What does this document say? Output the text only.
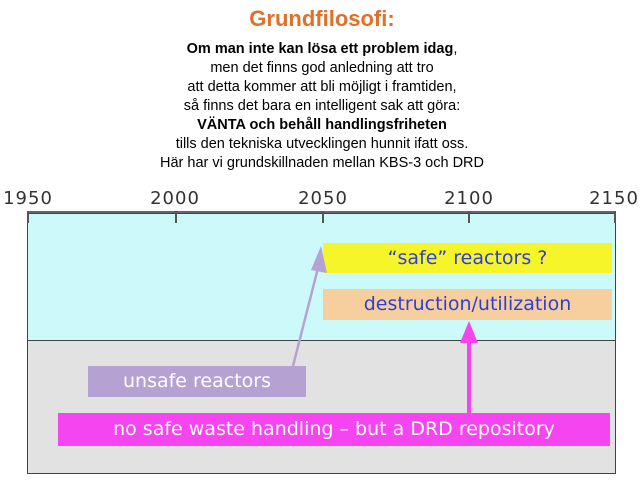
Grundfilosofi:
Om man inte kan lösa ett problem idag,
men det finns god anledning att tro
att detta kommer att bli möjligt i framtiden,
så finns det bara en intelligent sak att göra:
VÄNTA och behåll handlingsfriheten
tills den tekniska utvecklingen hunnit ifatt oss.
Här har vi grundskillnaden mellan KBS-3 och DRD
1950	2000	2050	2100	2150
“safe” reactors ?
destruction/utilization
unsafe reactors
no safe waste handling – but a DRD repository
